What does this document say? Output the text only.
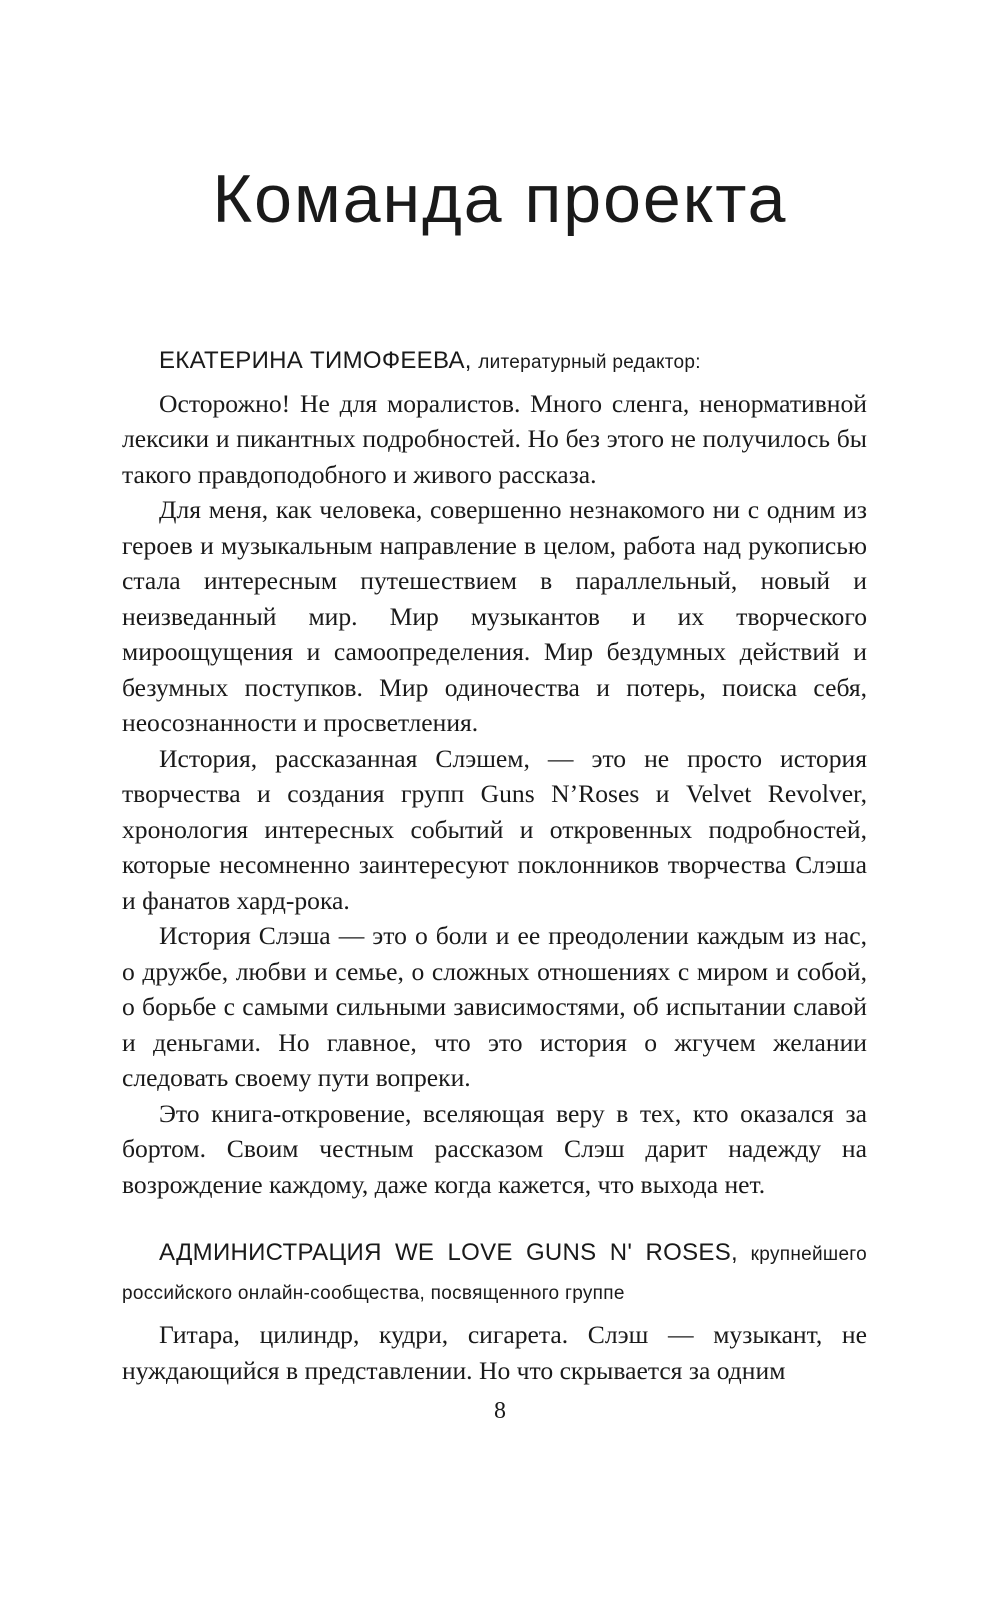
Команда проекта

ЕКАТЕРИНА ТИМОФЕЕВА, литературный редактор:

Осторожно! Не для моралистов. Много сленга, ненормативной лексики и пикантных подробностей. Но без этого не получилось бы такого правдоподобного и живого рассказа.

Для меня, как человека, совершенно незнакомого ни с одним из героев и музыкальным направление в целом, работа над рукописью стала интересным путешествием в параллельный, новый и неизведанный мир. Мир музыкантов и их творческого мироощущения и самоопределения. Мир бездумных действий и безумных поступков. Мир одиночества и потерь, поиска себя, неосознанности и просветления.

История, рассказанная Слэшем, — это не просто история творчества и создания групп Guns N’Roses и Velvet Revolver, хронология интересных событий и откровенных подробностей, которые несомненно заинтересуют поклонников творчества Слэша и фанатов хард-рока.

История Слэша — это о боли и ее преодолении каждым из нас, о дружбе, любви и семье, о сложных отношениях с миром и собой, о борьбе с самыми сильными зависимостями, об испытании славой и деньгами. Но главное, что это история о жгучем желании следовать своему пути вопреки.

Это книга-откровение, вселяющая веру в тех, кто оказался за бортом. Своим честным рассказом Слэш дарит надежду на возрождение каждому, даже когда кажется, что выхода нет.

АДМИНИСТРАЦИЯ WE LOVE GUNS N' ROSES, крупнейшего российского онлайн-сообщества, посвященного группе

Гитара, цилиндр, кудри, сигарета. Слэш — музыкант, не нуждающийся в представлении. Но что скрывается за одним

8
